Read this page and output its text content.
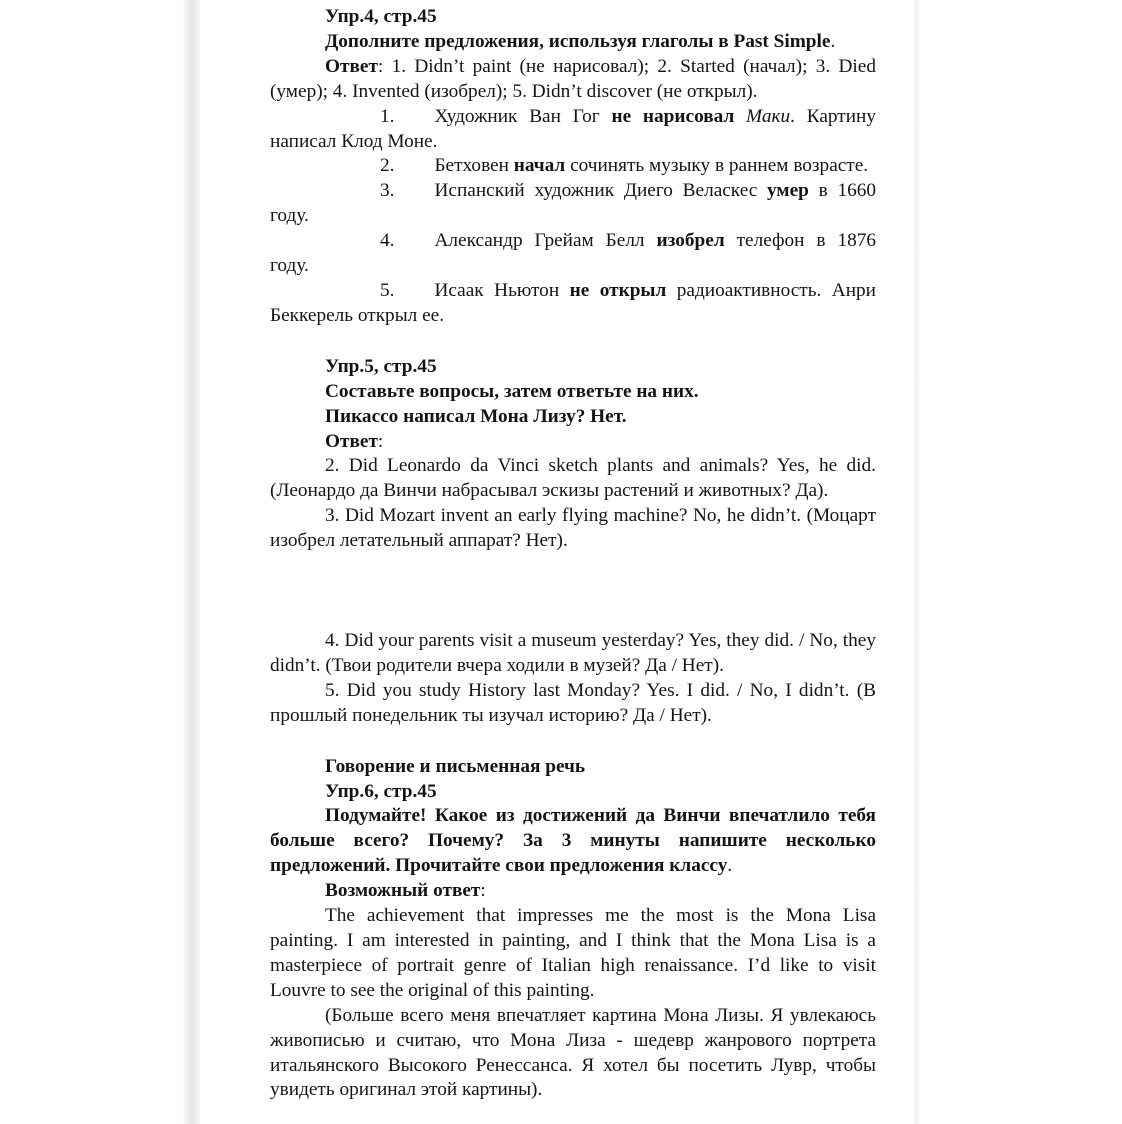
Упр.4, стр.45

Дополните предложения, используя глаголы в Past Simple.

Ответ: 1. Didn’t paint (не нарисовал); 2. Started (начал); 3. Died (умер); 4. Invented (изобрел); 5. Didn’t discover (не открыл).

1. Художник Ван Гог не нарисовал Маки. Картину написал Клод Моне.

2. Бетховен начал сочинять музыку в раннем возрасте.

3. Испанский художник Диего Веласкес умер в 1660 году.

4. Александр Грейам Белл изобрел телефон в 1876 году.

5. Исаак Ньютон не открыл радиоактивность. Анри Беккерель открыл ее.

Упр.5, стр.45

Составьте вопросы, затем ответьте на них.

Пикассо написал Мона Лизу? Нет.

Ответ:

2. Did Leonardo da Vinci sketch plants and animals? Yes, he did. (Леонардо да Винчи набрасывал эскизы растений и животных? Да).

3. Did Mozart invent an early flying machine? No, he didn’t. (Моцарт изобрел летательный аппарат? Нет).

4. Did your parents visit a museum yesterday? Yes, they did. / No, they didn’t. (Твои родители вчера ходили в музей? Да / Нет).

5. Did you study History last Monday? Yes. I did. / No, I didn’t. (В прошлый понедельник ты изучал историю? Да / Нет).

Говорение и письменная речь

Упр.6, стр.45

Подумайте! Какое из достижений да Винчи впечатлило тебя больше всего? Почему? За 3 минуты напишите несколько предложений. Прочитайте свои предложения классу.

Возможный ответ:

The achievement that impresses me the most is the Mona Lisa painting. I am interested in painting, and I think that the Mona Lisa is a masterpiece of portrait genre of Italian high renaissance. I’d like to visit Louvre to see the original of this painting.

(Больше всего меня впечатляет картина Мона Лизы. Я увлекаюсь живописью и считаю, что Мона Лиза - шедевр жанрового портрета итальянского Высокого Ренессанса. Я хотел бы посетить Лувр, чтобы увидеть оригинал этой картины).
